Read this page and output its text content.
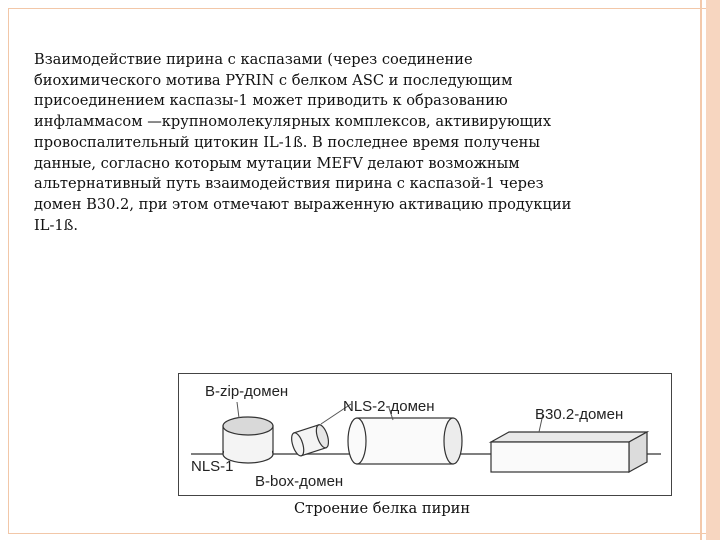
Взаимодействие пирина с каспазами (через соединение биохимического мотива PYRIN с белком ASC и последующим присоединением каспазы-1 может приводить к образованию инфламмасом —крупномолекулярных комплексов, активирующих провоспалительный цитокин IL-1ß. В последнее время получены данные, согласно которым мутации MEFV делают возможным альтернативный путь взаимодействия пирина с каспазой-1 через домен B30.2, при этом отмечают выраженную активацию продукции IL-1ß.

B-zip-домен
NLS-2-домен	B30.2-домен
NLS-1
B-box-домен
Строение белка пирин
